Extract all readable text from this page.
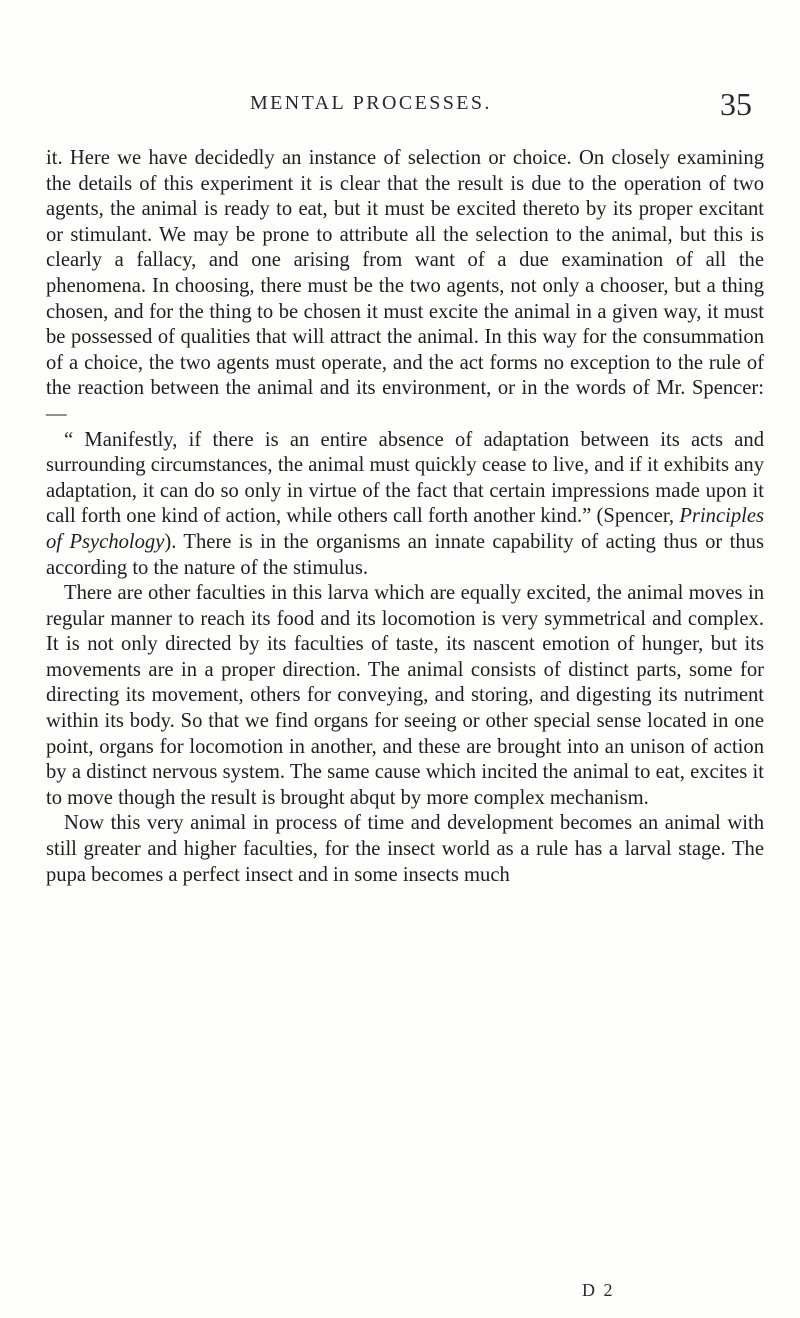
MENTAL PROCESSES.	35

it. Here we have decidedly an instance of selection or choice. On closely examining the details of this experiment it is clear that the result is due to the operation of two agents, the animal is ready to eat, but it must be excited thereto by its proper excitant or stimulant. We may be prone to attribute all the selection to the animal, but this is clearly a fallacy, and one arising from want of a due examination of all the phenomena. In choosing, there must be the two agents, not only a chooser, but a thing chosen, and for the thing to be chosen it must excite the animal in a given way, it must be possessed of qualities that will attract the animal. In this way for the consummation of a choice, the two agents must operate, and the act forms no exception to the rule of the reaction between the animal and its environment, or in the words of Mr. Spencer:—

“ Manifestly, if there is an entire absence of adaptation between its acts and surrounding circumstances, the animal must quickly cease to live, and if it exhibits any adaptation, it can do so only in virtue of the fact that certain impressions made upon it call forth one kind of action, while others call forth another kind.” (Spencer, Principles of Psychology). There is in the organisms an innate capability of acting thus or thus according to the nature of the stimulus.

There are other faculties in this larva which are equally excited, the animal moves in regular manner to reach its food and its locomotion is very symmetrical and complex. It is not only directed by its faculties of taste, its nascent emotion of hunger, but its movements are in a proper direction. The animal consists of distinct parts, some for directing its movement, others for conveying, and storing, and digesting its nutriment within its body. So that we find organs for seeing or other special sense located in one point, organs for locomotion in another, and these are brought into an unison of action by a distinct nervous system. The same cause which incited the animal to eat, excites it to move though the result is brought abqut by more complex mechanism.

Now this very animal in process of time and development becomes an animal with still greater and higher faculties, for the insect world as a rule has a larval stage. The pupa becomes a perfect insect and in some insects much

D 2
